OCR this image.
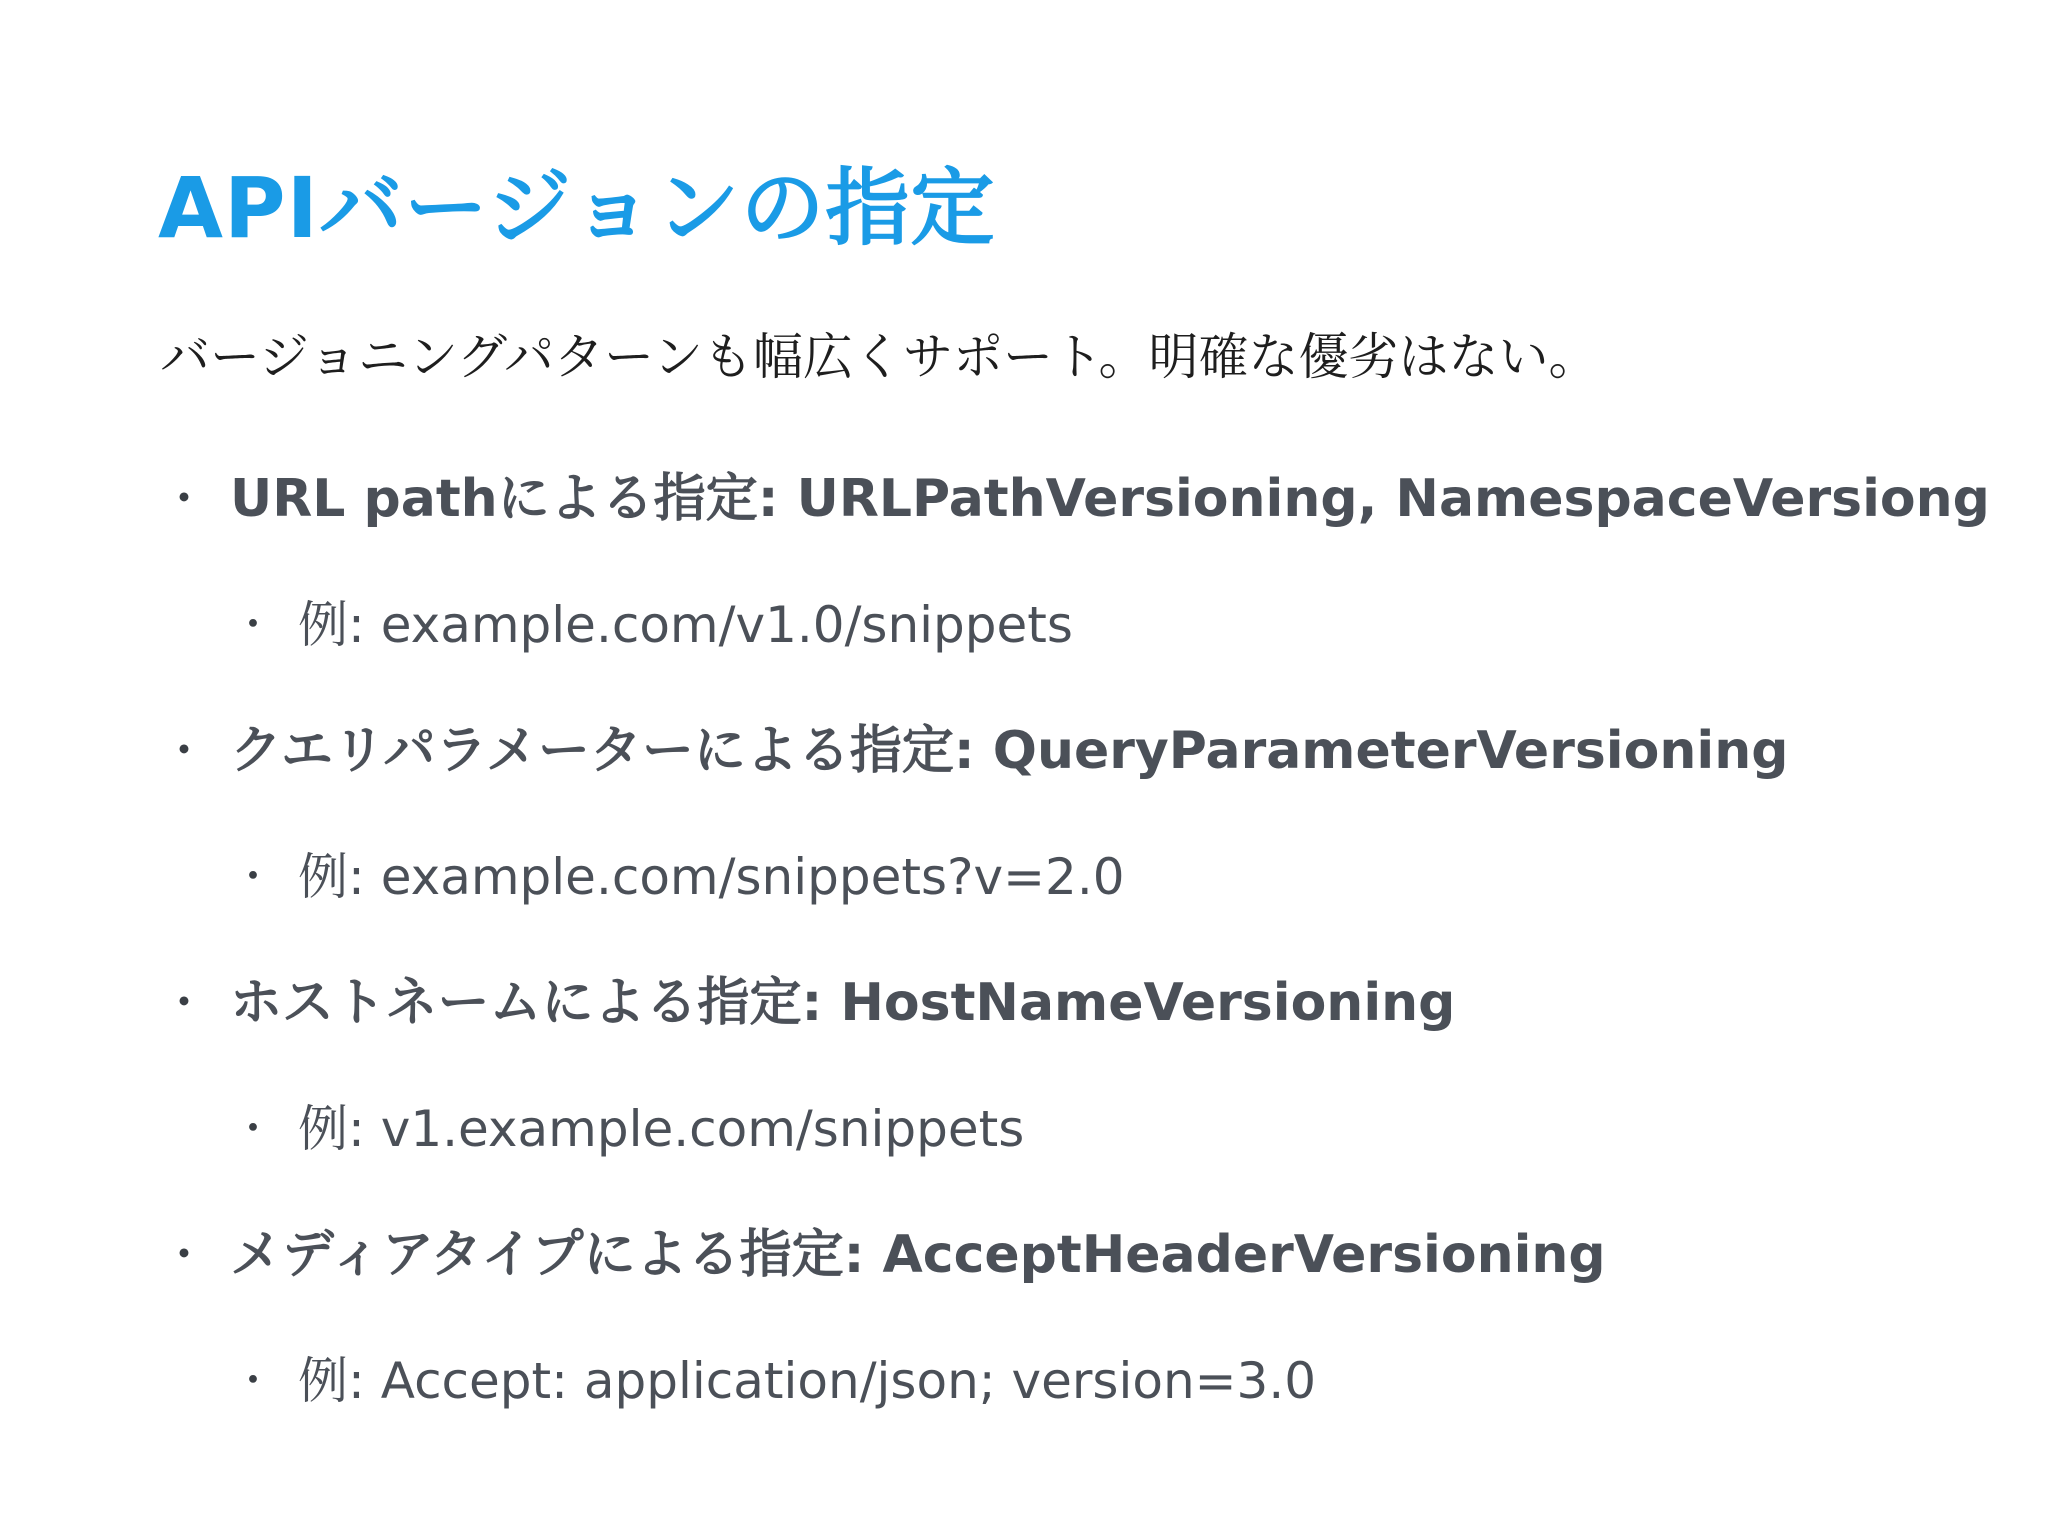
APIバージョンの指定

バージョニングパターンも幅広くサポート。明確な優劣はない。

・ URL pathによる指定: URLPathVersioning, NamespaceVersiong
・ 例: example.com/v1.0/snippets
・ クエリパラメーターによる指定: QueryParameterVersioning
・ 例: example.com/snippets?v=2.0
・ ホストネームによる指定: HostNameVersioning
・ 例: v1.example.com/snippets
・ メディアタイプによる指定: AcceptHeaderVersioning
・ 例: Accept: application/json; version=3.0
